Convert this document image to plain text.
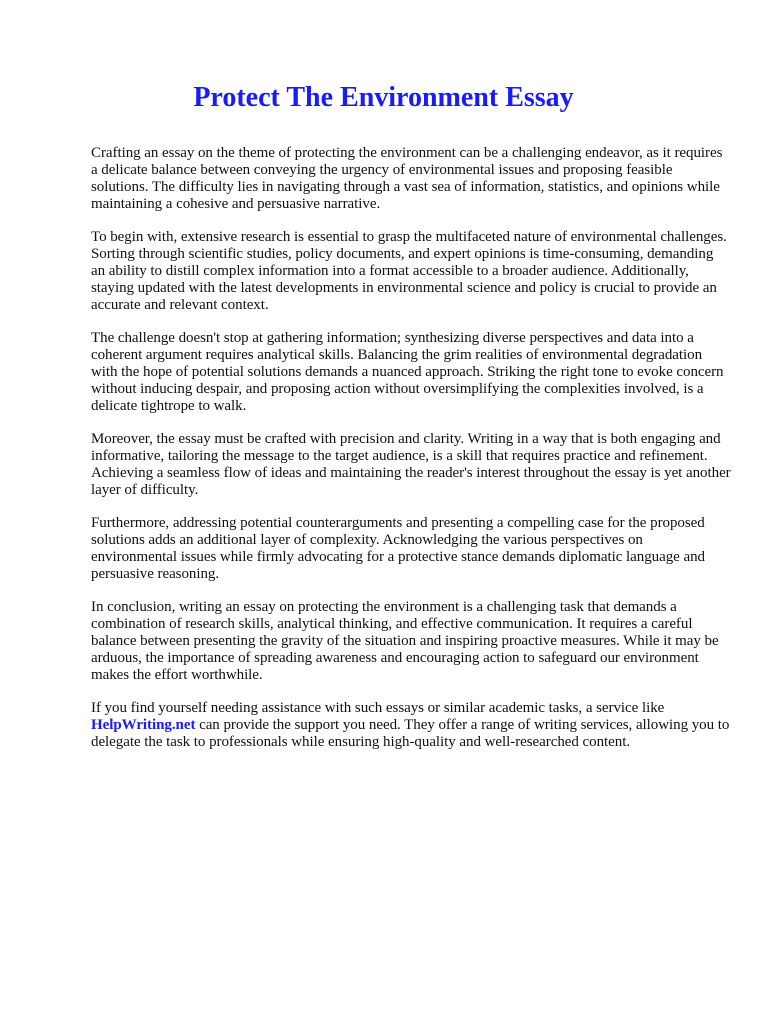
Protect The Environment Essay

Crafting an essay on the theme of protecting the environment can be a challenging endeavor, as it requires a delicate balance between conveying the urgency of environmental issues and proposing feasible solutions. The difficulty lies in navigating through a vast sea of information, statistics, and opinions while maintaining a cohesive and persuasive narrative.

To begin with, extensive research is essential to grasp the multifaceted nature of environmental challenges. Sorting through scientific studies, policy documents, and expert opinions is time-consuming, demanding an ability to distill complex information into a format accessible to a broader audience. Additionally, staying updated with the latest developments in environmental science and policy is crucial to provide an accurate and relevant context.

The challenge doesn't stop at gathering information; synthesizing diverse perspectives and data into a coherent argument requires analytical skills. Balancing the grim realities of environmental degradation with the hope of potential solutions demands a nuanced approach. Striking the right tone to evoke concern without inducing despair, and proposing action without oversimplifying the complexities involved, is a delicate tightrope to walk.

Moreover, the essay must be crafted with precision and clarity. Writing in a way that is both engaging and informative, tailoring the message to the target audience, is a skill that requires practice and refinement. Achieving a seamless flow of ideas and maintaining the reader's interest throughout the essay is yet another layer of difficulty.

Furthermore, addressing potential counterarguments and presenting a compelling case for the proposed solutions adds an additional layer of complexity. Acknowledging the various perspectives on environmental issues while firmly advocating for a protective stance demands diplomatic language and persuasive reasoning.

In conclusion, writing an essay on protecting the environment is a challenging task that demands a combination of research skills, analytical thinking, and effective communication. It requires a careful balance between presenting the gravity of the situation and inspiring proactive measures. While it may be arduous, the importance of spreading awareness and encouraging action to safeguard our environment makes the effort worthwhile.

If you find yourself needing assistance with such essays or similar academic tasks, a service like HelpWriting.net can provide the support you need. They offer a range of writing services, allowing you to delegate the task to professionals while ensuring high-quality and well-researched content.
